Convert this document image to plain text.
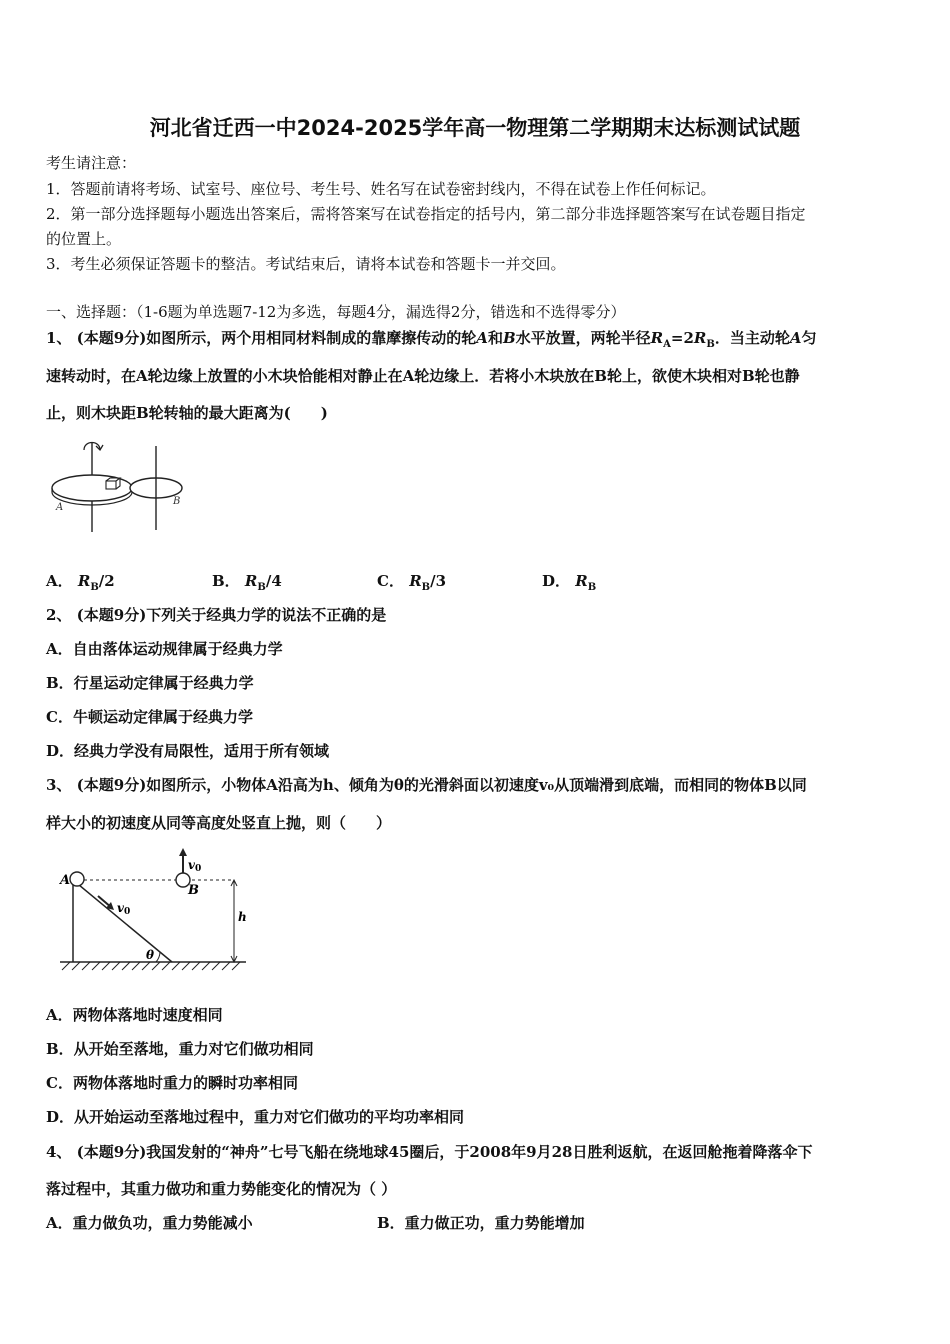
河北省迁西一中2024-2025学年高一物理第二学期期末达标测试试题
考生请注意：
1．答题前请将考场、试室号、座位号、考生号、姓名写在试卷密封线内，不得在试卷上作任何标记。
2．第一部分选择题每小题选出答案后，需将答案写在试卷指定的括号内，第二部分非选择题答案写在试卷题目指定
的位置上。
3．考生必须保证答题卡的整洁。考试结束后，请将本试卷和答题卡一并交回。
一、选择题：（1-6题为单选题7-12为多选，每题4分，漏选得2分，错选和不选得零分）
1、 (本题9分)如图所示，两个用相同材料制成的靠摩擦传动的轮A和B水平放置，两轮半径$R_A=2R_B$．当主动轮A匀
速转动时，在A轮边缘上放置的小木块恰能相对静止在A轮边缘上．若将小木块放在B轮上，欲使木块相对B轮也静
止，则木块距B轮转轴的最大距离为(　　)
A
B
A． $R_B/2$	B． $R_B/4$	C． $R_B/3$	D． $R_B$
2、 (本题9分)下列关于经典力学的说法不正确的是
A．自由落体运动规律属于经典力学
B．行星运动定律属于经典力学
C．牛顿运动定律属于经典力学
D．经典力学没有局限性，适用于所有领域
3、 (本题9分)如图所示，小物体A沿高为h、倾角为θ的光滑斜面以初速度v₀从顶端滑到底端，而相同的物体B以同
样大小的初速度从同等高度处竖直上抛，则（　　）
A
B
v0
v0	h
θ
A．两物体落地时速度相同
B．从开始至落地，重力对它们做功相同
C．两物体落地时重力的瞬时功率相同
D．从开始运动至落地过程中，重力对它们做功的平均功率相同
4、 (本题9分)我国发射的“神舟”七号飞船在绕地球45圈后，于2008年9月28日胜利返航，在返回舱拖着降落伞下
落过程中，其重力做功和重力势能变化的情况为（ ）
A．重力做负功，重力势能减小	B．重力做正功，重力势能增加
